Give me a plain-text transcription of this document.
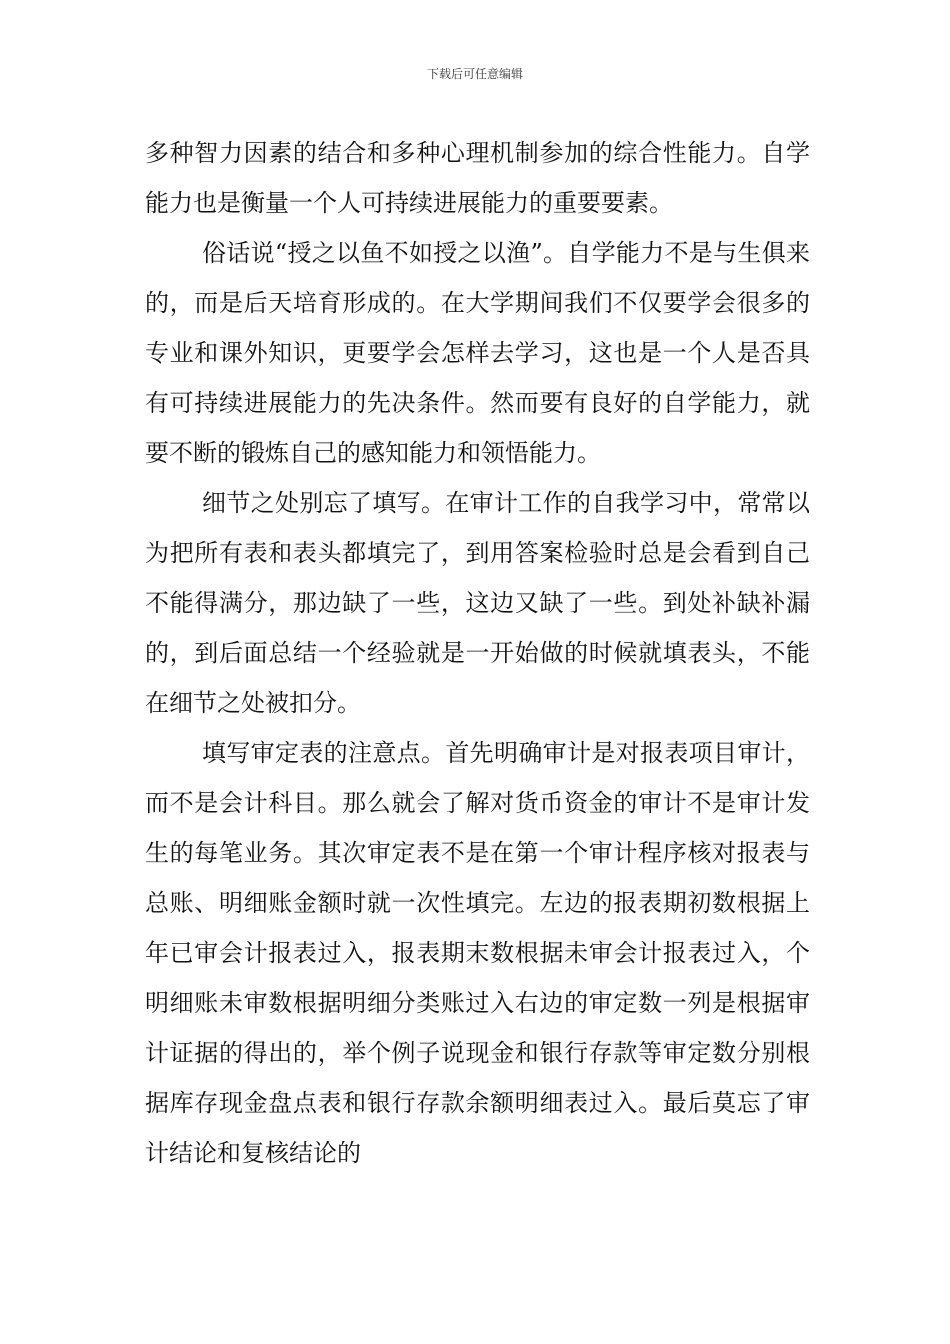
下载后可任意编辑

多种智力因素的结合和多种心理机制参加的综合性能力。自学能力也是衡量一个人可持续进展能力的重要要素。

俗话说“授之以鱼不如授之以渔”。自学能力不是与生俱来的，而是后天培育形成的。在大学期间我们不仅要学会很多的专业和课外知识，更要学会怎样去学习，这也是一个人是否具有可持续进展能力的先决条件。然而要有良好的自学能力，就要不断的锻炼自己的感知能力和领悟能力。

细节之处别忘了填写。在审计工作的自我学习中，常常以为把所有表和表头都填完了，到用答案检验时总是会看到自己不能得满分，那边缺了一些，这边又缺了一些。到处补缺补漏的，到后面总结一个经验就是一开始做的时候就填表头，不能在细节之处被扣分。

填写审定表的注意点。首先明确审计是对报表项目审计，而不是会计科目。那么就会了解对货币资金的审计不是审计发生的每笔业务。其次审定表不是在第一个审计程序核对报表与总账、明细账金额时就一次性填完。左边的报表期初数根据上年已审会计报表过入，报表期末数根据未审会计报表过入，个明细账未审数根据明细分类账过入右边的审定数一列是根据审计证据的得出的，举个例子说现金和银行存款等审定数分别根据库存现金盘点表和银行存款余额明细表过入。最后莫忘了审计结论和复核结论的
